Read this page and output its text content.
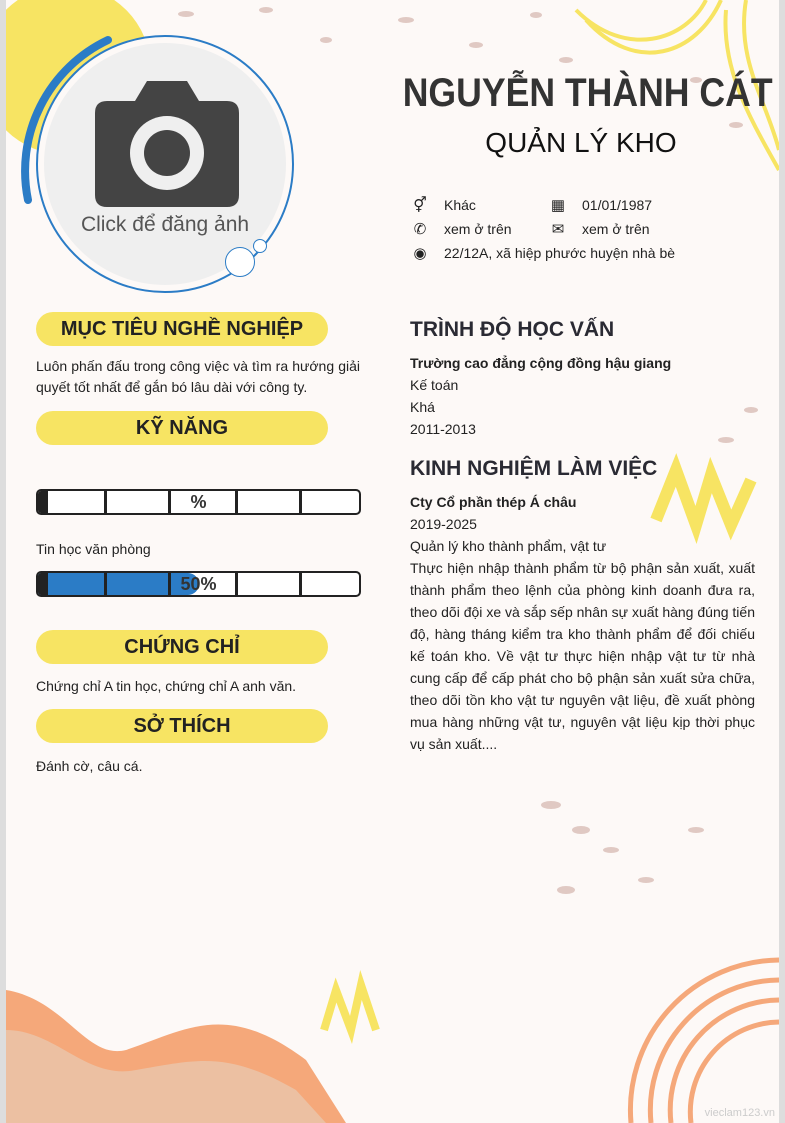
Click để đăng ảnh
NGUYỄN THÀNH CÁT
QUẢN LÝ KHO
⚥ Khác	▦ 01/01/1987
✆ xem ở trên	✉ xem ở trên
◉ 22/12A, xã hiệp phước huyện nhà bè
MỤC TIÊU NGHỀ NGHIỆP
Luôn phấn đấu trong công việc và tìm ra hướng giải quyết tốt nhất để gắn bó lâu dài với công ty.
KỸ NĂNG
%
Tin học văn phòng
50%
CHỨNG CHỈ
Chứng chỉ A tin học, chứng chỉ A anh văn.
SỞ THÍCH
Đánh cờ, câu cá.
TRÌNH ĐỘ HỌC VẤN
Trường cao đẳng cộng đồng hậu giang
Kế toán
Khá
2011-2013
KINH NGHIỆM LÀM VIỆC
Cty Cổ phần thép Á châu
2019-2025
Quản lý kho thành phẩm, vật tư
Thực hiện nhập thành phẩm từ bộ phận sản xuất, xuất thành phẩm theo lệnh của phòng kinh doanh đưa ra, theo dõi đội xe và sắp sếp nhân sự xuất hàng đúng tiến độ, hàng tháng kiểm tra kho thành phẩm để đối chiếu kế toán kho. Về vật tư thực hiện nhập vật tư từ nhà cung cấp để cấp phát cho bộ phận sản xuất sửa chữa, theo dõi tồn kho vật tư nguyên vật liệu, đề xuất phòng mua hàng những vật tư, nguyên vật liệu kịp thời phục vụ sản xuất....
vieclam123.vn
